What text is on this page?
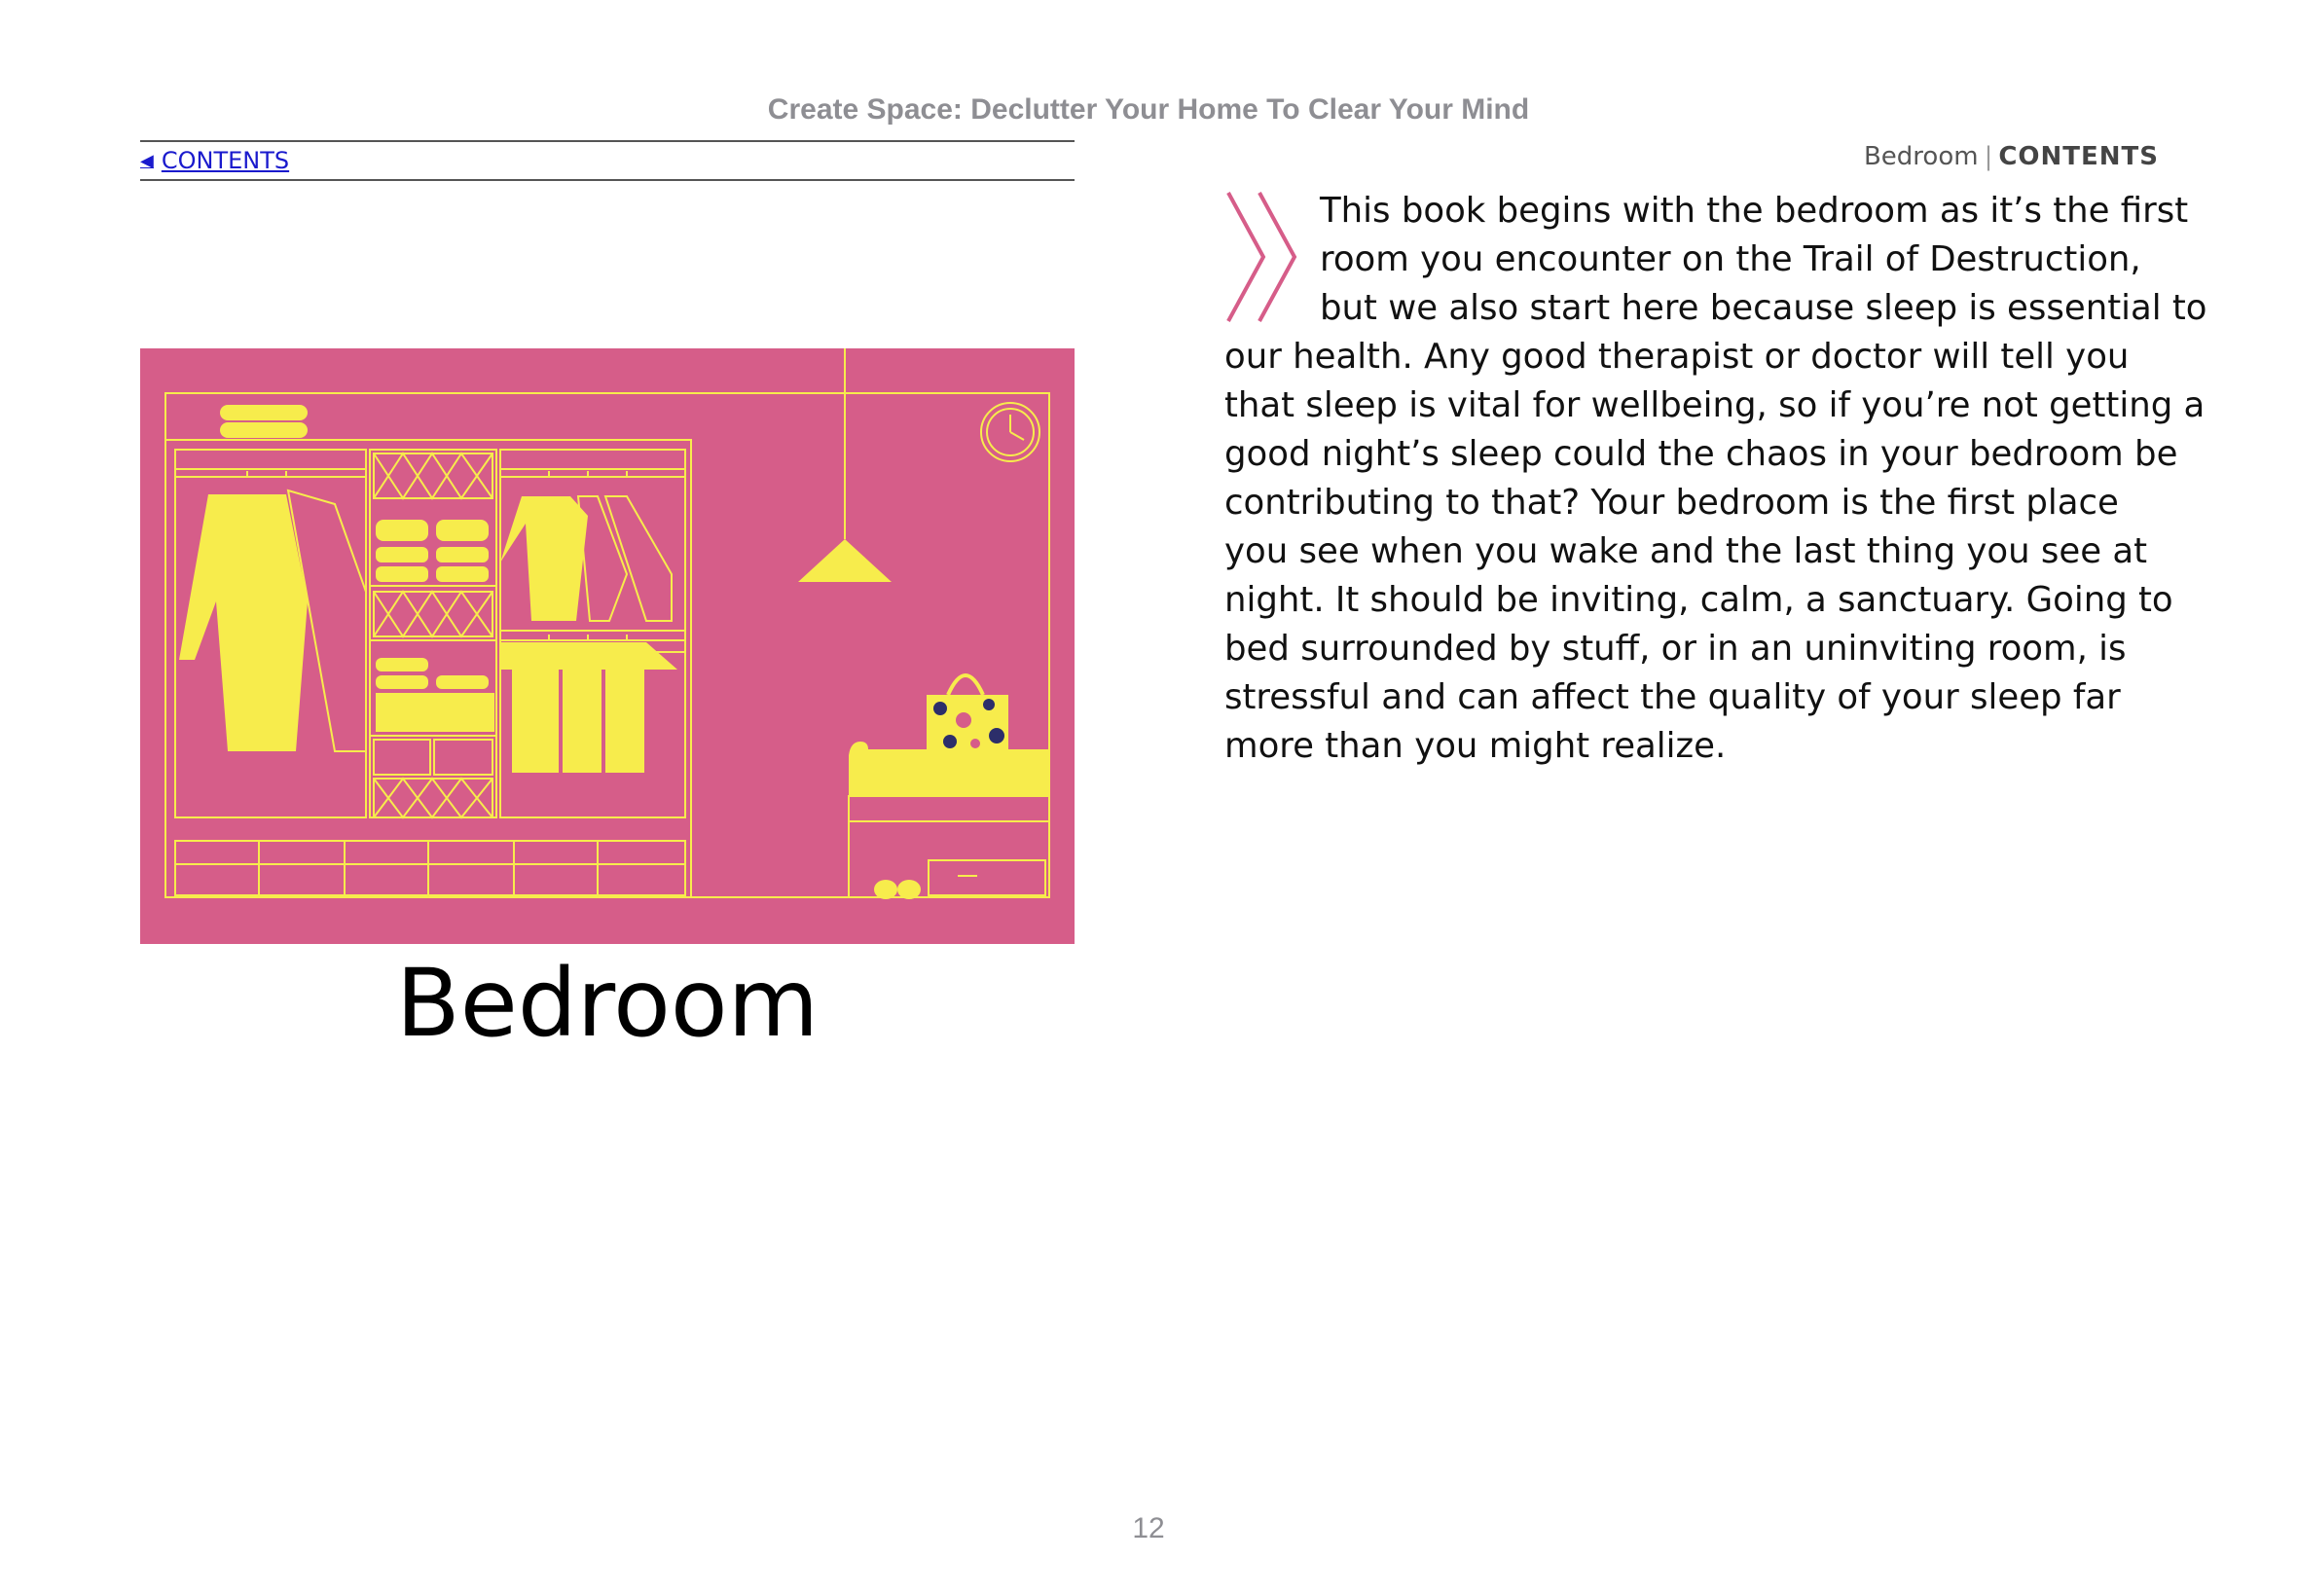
Create Space: Declutter Your Home To Clear Your Mind
◀ CONTENTS	Bedroom | CONTENTS
Bedroom
This book begins with the bedroom as it’s the first
room you encounter on the Trail of Destruction,
but we also start here because sleep is essential to
our health. Any good therapist or doctor will tell you
that sleep is vital for wellbeing, so if you’re not getting a
good night’s sleep could the chaos in your bedroom be
contributing to that? Your bedroom is the first place
you see when you wake and the last thing you see at
night. It should be inviting, calm, a sanctuary. Going to
bed surrounded by stuff, or in an uninviting room, is
stressful and can affect the quality of your sleep far
more than you might realize.
12
